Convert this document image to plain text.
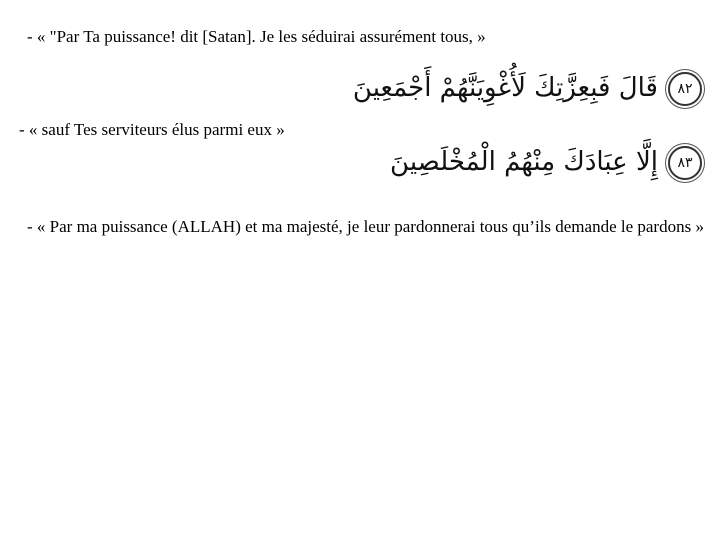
- « "Par Ta puissance! dit [Satan]. Je les séduirai assurément tous, »
٨٢قَالَ فَبِعِزَّتِكَ لَأُغْوِيَنَّهُمْ أَجْمَعِينَ
- « sauf Tes serviteurs élus parmi eux »
٨٣إِلَّا عِبَادَكَ مِنْهُمُ الْمُخْلَصِينَ
- « Par ma puissance (ALLAH) et ma majesté, je leur pardonnerai tous qu’ils demande le pardons »
